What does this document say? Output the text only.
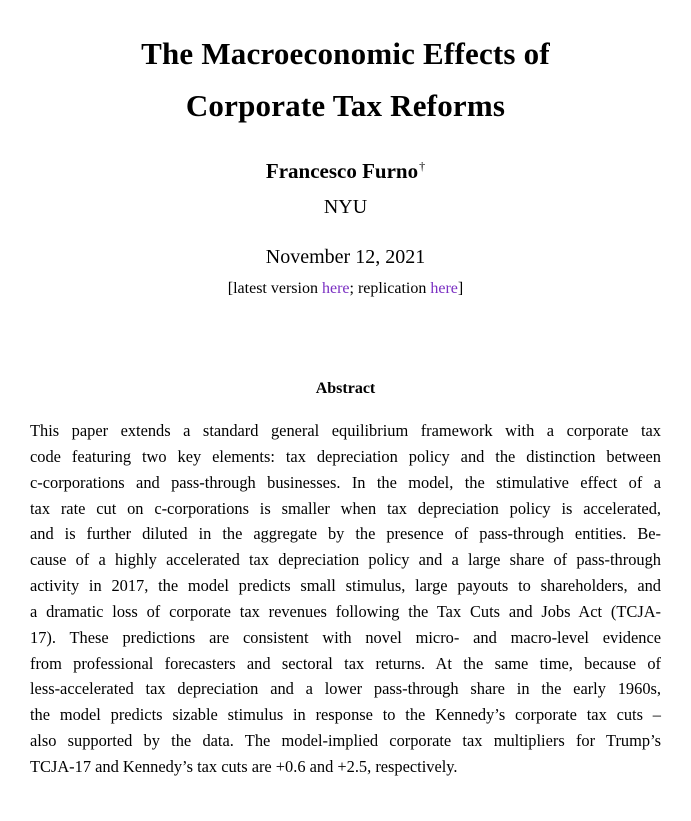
The Macroeconomic Effects of
Corporate Tax Reforms
Francesco Furno†
NYU
November 12, 2021
[latest version here; replication here]
Abstract
This paper extends a standard general equilibrium framework with a corporate tax
code featuring two key elements: tax depreciation policy and the distinction between
c-corporations and pass-through businesses. In the model, the stimulative effect of a
tax rate cut on c-corporations is smaller when tax depreciation policy is accelerated,
and is further diluted in the aggregate by the presence of pass-through entities. Be-
cause of a highly accelerated tax depreciation policy and a large share of pass-through
activity in 2017, the model predicts small stimulus, large payouts to shareholders, and
a dramatic loss of corporate tax revenues following the Tax Cuts and Jobs Act (TCJA-
17). These predictions are consistent with novel micro- and macro-level evidence
from professional forecasters and sectoral tax returns. At the same time, because of
less-accelerated tax depreciation and a lower pass-through share in the early 1960s,
the model predicts sizable stimulus in response to the Kennedy’s corporate tax cuts –
also supported by the data. The model-implied corporate tax multipliers for Trump’s
TCJA-17 and Kennedy’s tax cuts are +0.6 and +2.5, respectively.
